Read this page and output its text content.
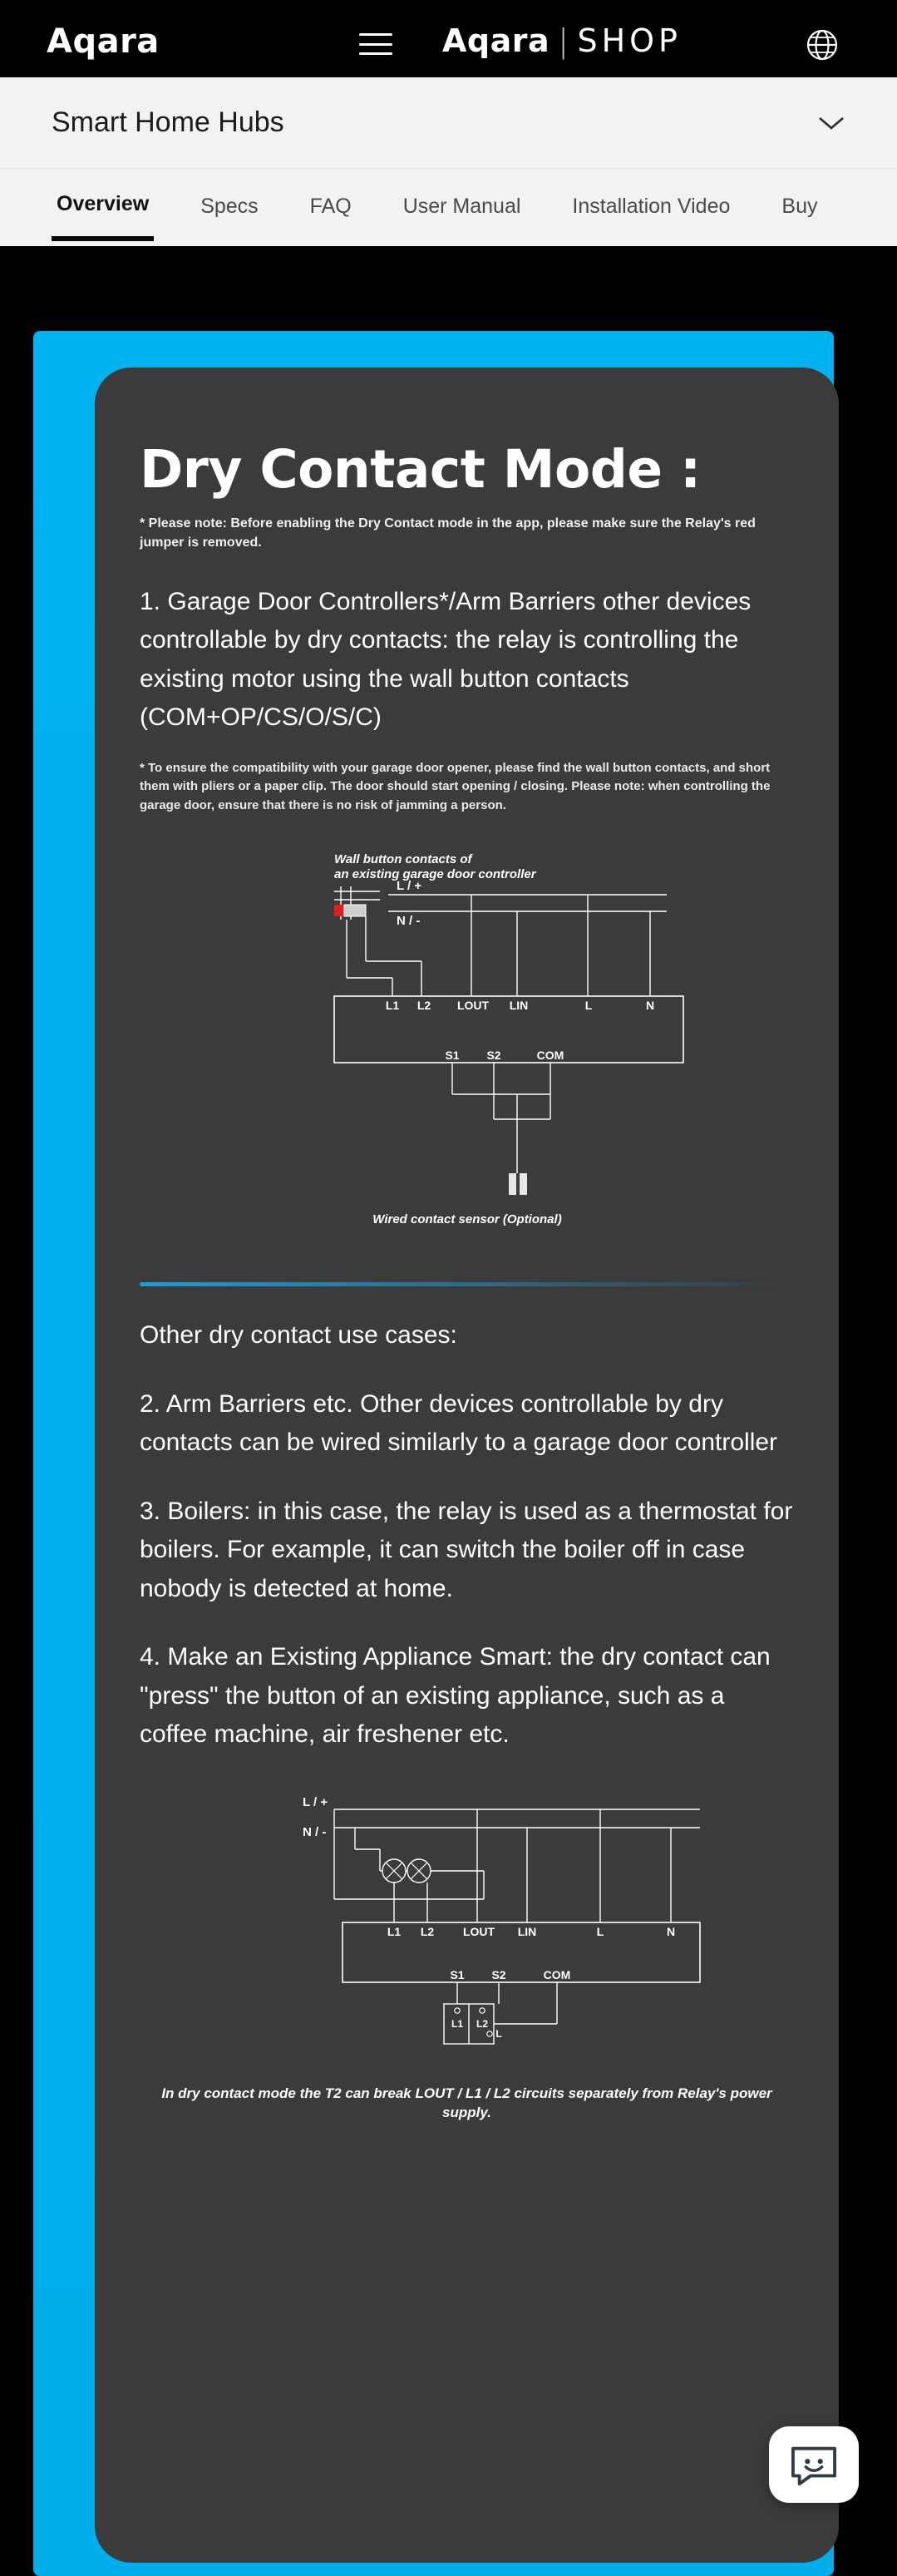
Aqara	Aqara | SHOP
Smart Home Hubs
Overview Specs FAQ User Manual Installation Video Buy
Dry Contact Mode :

* Please note: Before enabling the Dry Contact mode in the app, please make sure the Relay's red jumper is removed.

1. Garage Door Controllers*/Arm Barriers other devices controllable by dry contacts: the relay is controlling the existing motor using the wall button contacts (COM+OP/CS/O/S/C)

* To ensure the compatibility with your garage door opener, please find the wall button contacts, and short them with pliers or a paper clip. The door should start opening / closing. Please note: when controlling the garage door, ensure that there is no risk of jamming a person.

Wall button contacts of
an existing garage door controller
L / +
N / -
L1 L2 LOUT LIN	L	N
S1 S2	COM
Wired contact sensor (Optional)

Other dry contact use cases:

2. Arm Barriers etc. Other devices controllable by dry contacts can be wired similarly to a garage door controller

3. Boilers: in this case, the relay is used as a thermostat for boilers. For example, it can switch the boiler off in case nobody is detected at home.

4. Make an Existing Appliance Smart: the dry contact can "press" the button of an existing appliance, such as a coffee machine, air freshener etc.

L / +
N / -
L1 L2 LOUT LIN	L	N
S1 S2	COM
L1 L2
L

In dry contact mode the T2 can break LOUT / L1 / L2 circuits separately from Relay's power supply.
